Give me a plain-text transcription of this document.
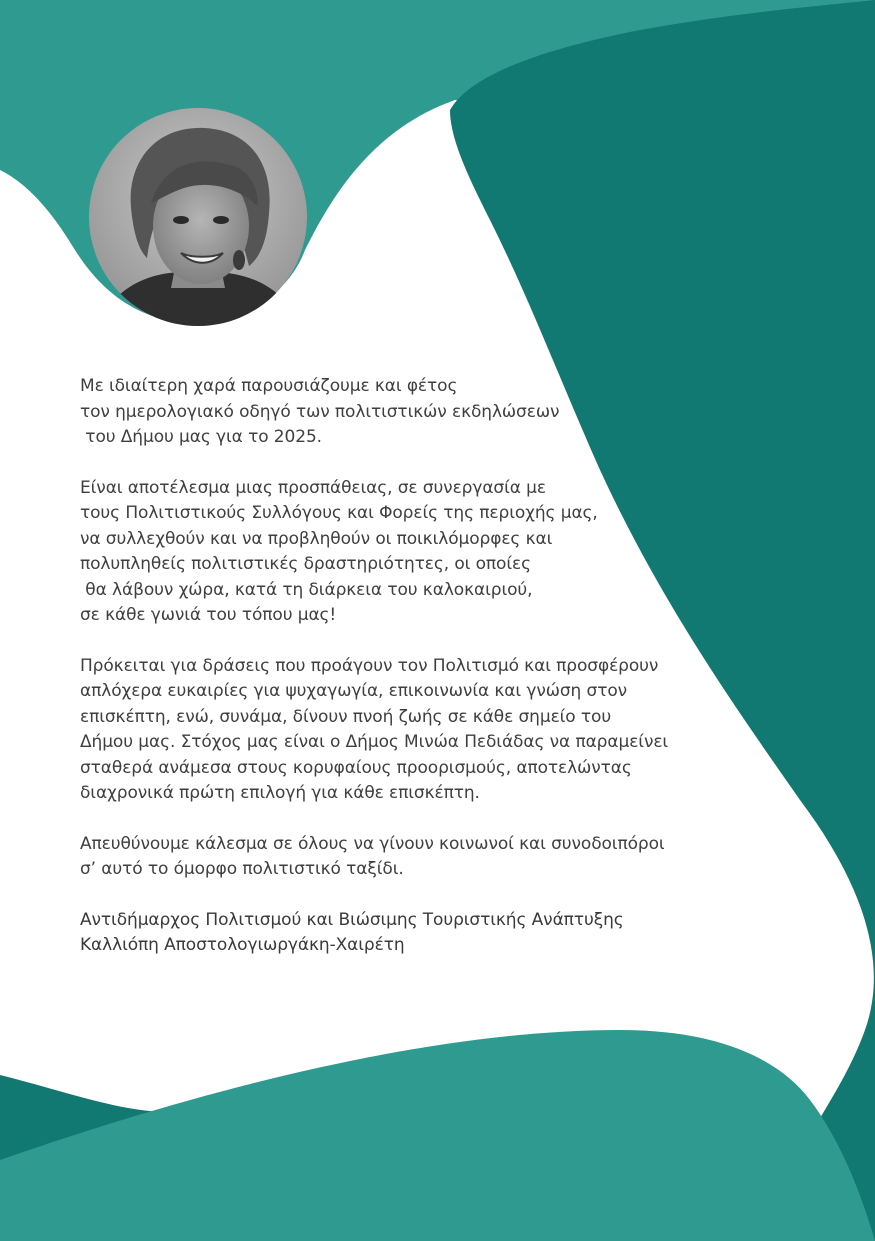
Με ιδιαίτερη χαρά παρουσιάζουμε και φέτος
τον ημερολογιακό οδηγό των πολιτιστικών εκδηλώσεων
του Δήμου μας για το 2025.
Είναι αποτέλεσμα μιας προσπάθειας, σε συνεργασία με
τους Πολιτιστικούς Συλλόγους και Φορείς της περιοχής μας,
να συλλεχθούν και να προβληθούν οι ποικιλόμορφες και
πολυπληθείς πολιτιστικές δραστηριότητες, οι οποίες
θα λάβουν χώρα, κατά τη διάρκεια του καλοκαιριού,
σε κάθε γωνιά του τόπου μας!
Πρόκειται για δράσεις που προάγουν τον Πολιτισμό και προσφέρουν
απλόχερα ευκαιρίες για ψυχαγωγία, επικοινωνία και γνώση στον
επισκέπτη, ενώ, συνάμα, δίνουν πνοή ζωής σε κάθε σημείο του
Δήμου μας. Στόχος μας είναι ο Δήμος Μινώα Πεδιάδας να παραμείνει
σταθερά ανάμεσα στους κορυφαίους προορισμούς, αποτελώντας
διαχρονικά πρώτη επιλογή για κάθε επισκέπτη.
Απευθύνουμε κάλεσμα σε όλους να γίνουν κοινωνοί και συνοδοιπόροι
σ’ αυτό το όμορφο πολιτιστικό ταξίδι.
Αντιδήμαρχος Πολιτισμού και Βιώσιμης Τουριστικής Ανάπτυξης
Καλλιόπη Αποστολογιωργάκη-Χαιρέτη
